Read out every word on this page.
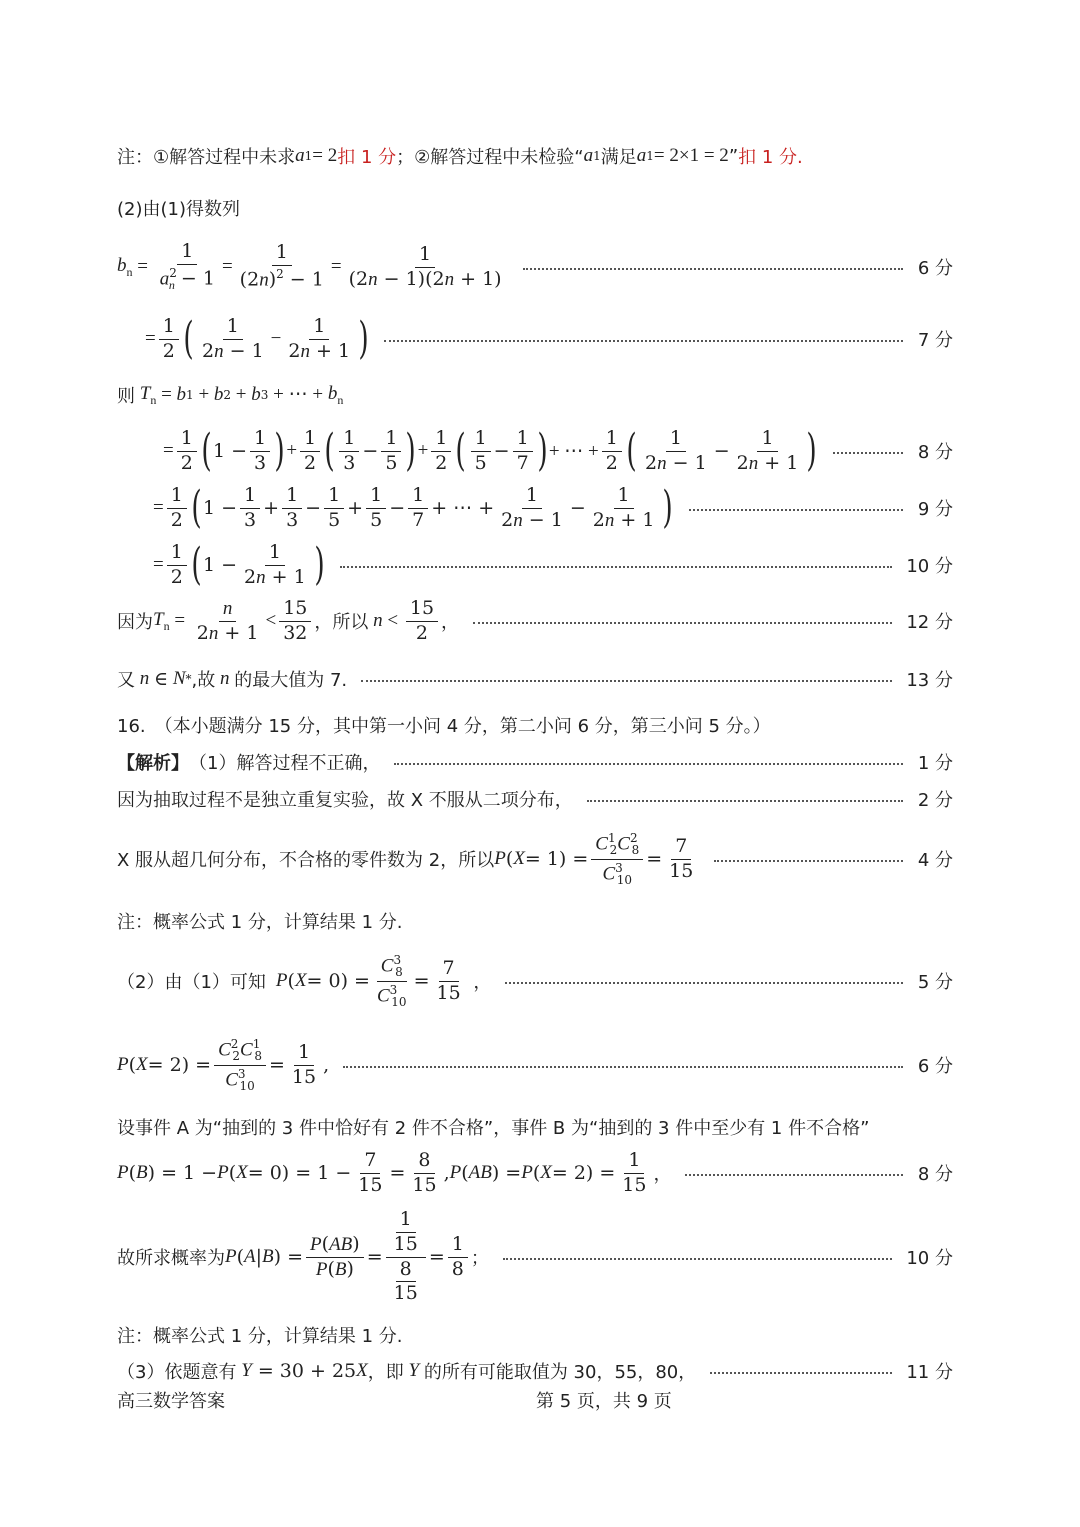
注：①解答过程中未求 a 1 = 2 扣 1 分 ；②解答过程中未检验“ a 1 满足 a 1 = 2×1 = 2 ” 扣 1 分.
(2)由(1)得数列
$b_n = \frac{1}{a^2_n - 1} = \frac{1}{(2n)^2 - 1} = \frac{1}{(2n - 1)(2n + 1)}$	6 分
= $\frac{1}{2}$ ( $\frac{1}{2n - 1} - \frac{1}{2n + 1}$ )	7 分
则 $T_n = b$ 1 + b 2 + b 3 + ⋯ + $b_n$
= $\frac{1}{2}$ ( $1 - \frac{1}{3}$ ) + $\frac{1}{2}$ ( $\frac{1}{3} - \frac{1}{5}$ ) + $\frac{1}{2}$ ( $\frac{1}{5} - \frac{1}{7}$ ) + ⋯ + $\frac{1}{2}$ ( $\frac{1}{2n - 1} - \frac{1}{2n + 1}$ )	8 分
= $\frac{1}{2}$ ( $1 - \frac{1}{3} + \frac{1}{3} - \frac{1}{5} + \frac{1}{5} - \frac{1}{7}$ + ⋯ + $\frac{1}{2n - 1} - \frac{1}{2n + 1}$ )	9 分
= $\frac{1}{2}$ ( $1 - \frac{1}{2n + 1}$ )	10 分
因为 $T_n = \frac{n}{2n + 1} < \frac{15}{32}$ ，所以 $n < \frac{15}{2}$ ，	12 分
又 n ∈ N * ,故 n 的最大值为 7.	13 分
16.　（本小题满分 15 分，其中第一小问 4 分，第二小问 6 分，第三小问 5 分。）
【解析】 （1）解答过程不正确，	1 分
因为抽取过程不是独立重复实验，故 X 不服从二项分布，	2 分
X 服从超几何分布，不合格的零件数为 2，所以 P ( $X = 1) = \frac{C^1_2C^2_8}{C^3_{10}} = \frac{7}{15}$	4 分
注：概率公式 1 分，计算结果 1 分.
（2）由（1）可知 P ( $X = 0) = \frac{C^3_8}{C^3_{10}} = \frac{7}{15}$ ，	5 分
P ( $X = 2) = \frac{C^2_2C^1_8}{C^3_{10}} = \frac{1}{15}$ ,	6 分
设事件 A 为“抽到的 3 件中恰好有 2 件不合格”，事件 B 为“抽到的 3 件中至少有 1 件不合格”
P ( B ) = 1 − P ( $X = 0) = 1 - \frac{7}{15} = \frac{8}{15}$ , P ( AB ) = P ( $X = 2) = \frac{1}{15}$ ，	8 分
故所求概率为 P ( A | B ) = $\frac{P(AB)}{P(B)} = \frac{\frac{1}{15}}{\frac{8}{15}} = \frac{1}{8}$ ；	10 分
注：概率公式 1 分，计算结果 1 分.
（3）依题意有 Y = 30 + 25 X ，即 Y 的所有可能取值为 30，55，80，	11 分
高三数学答案	第 5 页，共 9 页
